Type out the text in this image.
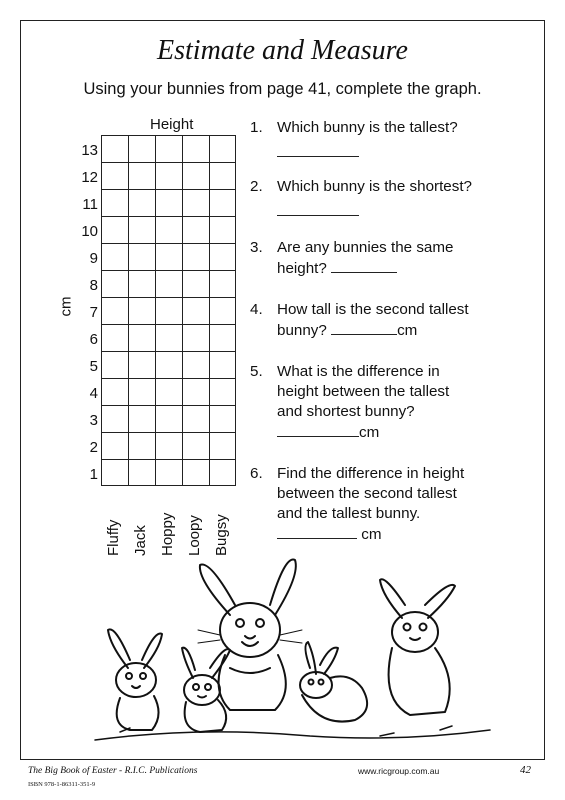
Estimate and Measure
Using your bunnies from page 41, complete the graph.
Height
cm
13
12
11
10
9
8
7
6
5
4
3
2
1
Fluffy Jack Hoppy Loopy Bugsy
1. Which bunny is the tallest?
2. Which bunny is the shortest?
3. Are any bunnies the same
height?
4. How tall is the second tallest
bunny?	cm
5. What is the difference in
height between the tallest
and shortest bunny?
cm
6. Find the difference in height
between the second tallest
and the tallest bunny.
cm
The Big Book of Easter - R.I.C. Publications
ISBN 978-1-86311-351-9
www.ricgroup.com.au	42
